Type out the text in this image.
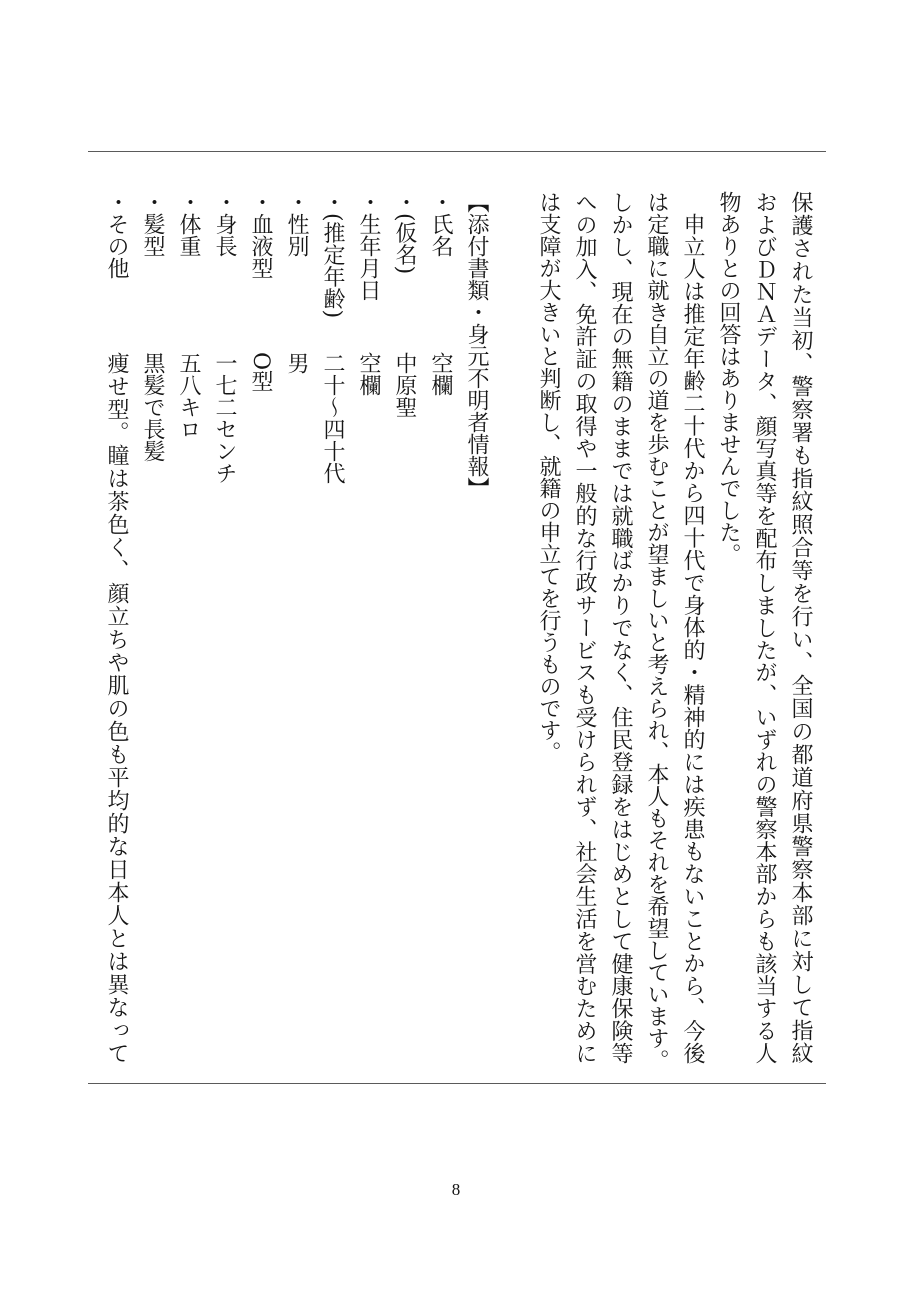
保護された当初、警察署も指紋照合等を行い、全国の都道府県警察本部に対して指紋
およびＤＮＡデータ、顔写真等を配布しましたが、いずれの警察本部からも該当する人
物ありとの回答はありませんでした。
申立人は推定年齢二十代から四十代で身体的・精神的には疾患もないことから、今後
は定職に就き自立の道を歩むことが望ましいと考えられ、本人もそれを希望しています。
しかし、現在の無籍のままでは就職ばかりでなく、住民登録をはじめとして健康保険等
への加入、免許証の取得や一般的な行政サービスも受けられず、社会生活を営むために
は支障が大きいと判断し、就籍の申立てを行うものです。
【添付書類・身元不明者情報】
・氏名
空欄
・(仮名)
中原聖
・生年月日
空欄
・(推定年齢)
二十〜四十代
・性別
男
・血液型
O型
・身長
一七二センチ
・体重
五八キロ
・髪型
黒髪で長髪
・その他
痩せ型。瞳は茶色く、顔立ちや肌の色も平均的な日本人とは異なって
8
